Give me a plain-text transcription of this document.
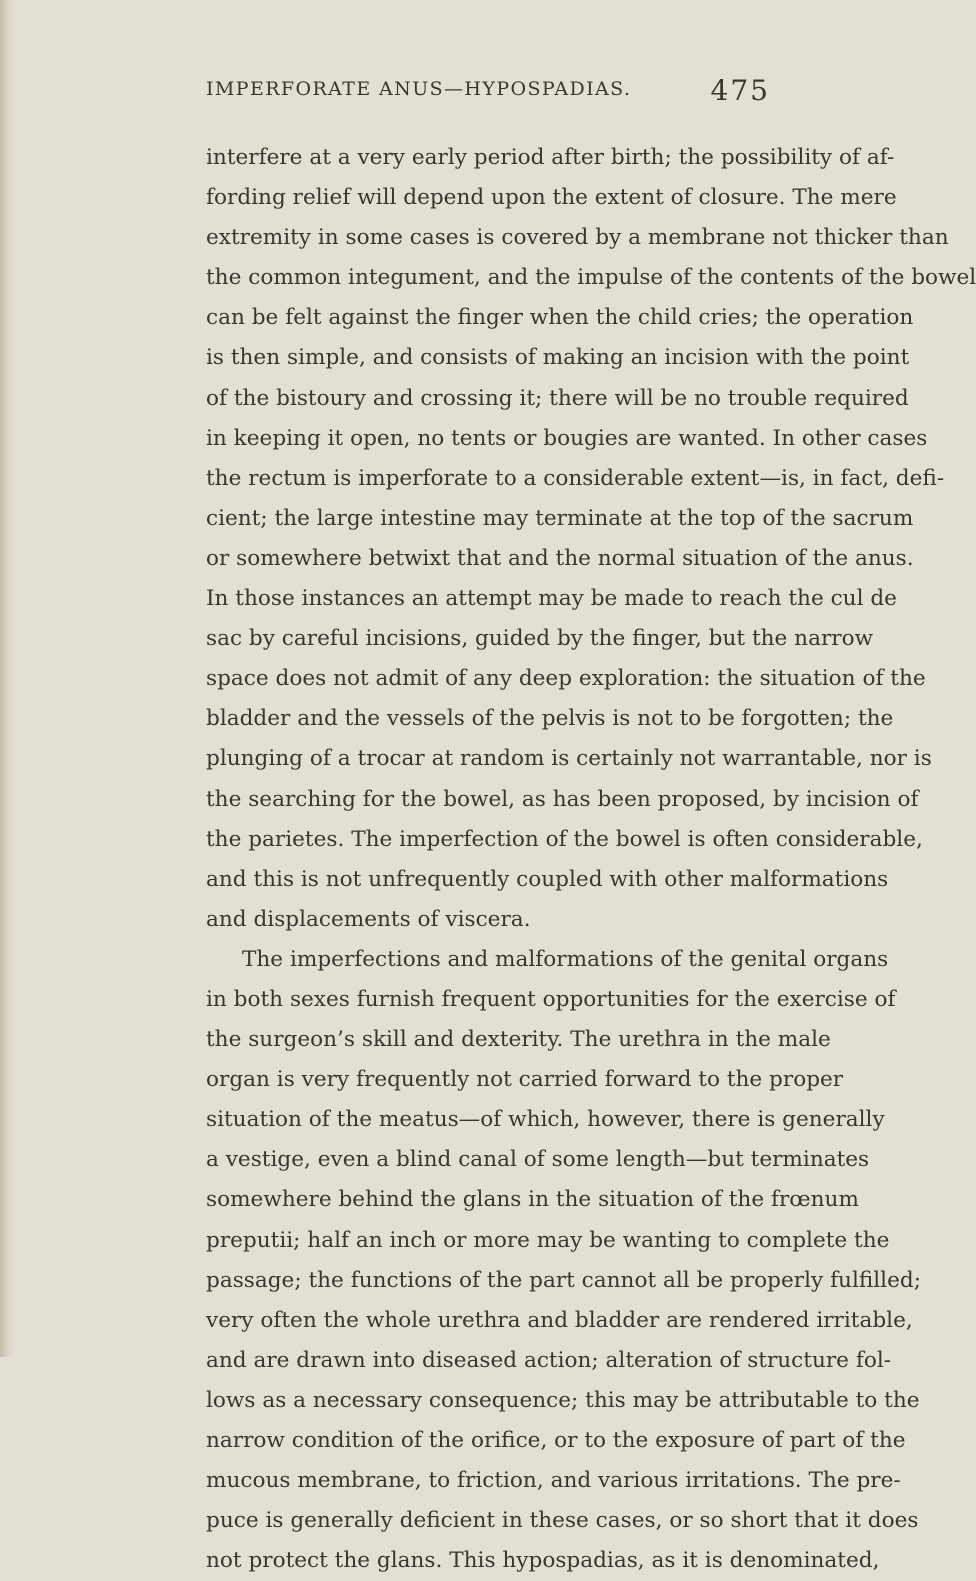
IMPERFORATE ANUS—HYPOSPADIAS.	475
interfere at a very early period after birth; the possibility of af-
fording relief will depend upon the extent of closure. The mere
extremity in some cases is covered by a membrane not thicker than
the common integument, and the impulse of the contents of the bowel
can be felt against the finger when the child cries; the operation
is then simple, and consists of making an incision with the point
of the bistoury and crossing it; there will be no trouble required
in keeping it open, no tents or bougies are wanted. In other cases
the rectum is imperforate to a considerable extent—is, in fact, defi-
cient; the large intestine may terminate at the top of the sacrum
or somewhere betwixt that and the normal situation of the anus.
In those instances an attempt may be made to reach the cul de
sac by careful incisions, guided by the finger, but the narrow
space does not admit of any deep exploration: the situation of the
bladder and the vessels of the pelvis is not to be forgotten; the
plunging of a trocar at random is certainly not warrantable, nor is
the searching for the bowel, as has been proposed, by incision of
the parietes. The imperfection of the bowel is often considerable,
and this is not unfrequently coupled with other malformations
and displacements of viscera.
The imperfections and malformations of the genital organs
in both sexes furnish frequent opportunities for the exercise of
the surgeon’s skill and dexterity. The urethra in the male
organ is very frequently not carried forward to the proper
situation of the meatus—of which, however, there is generally
a vestige, even a blind canal of some length—but terminates
somewhere behind the glans in the situation of the frœnum
preputii; half an inch or more may be wanting to complete the
passage; the functions of the part cannot all be properly fulfilled;
very often the whole urethra and bladder are rendered irritable,
and are drawn into diseased action; alteration of structure fol-
lows as a necessary consequence; this may be attributable to the
narrow condition of the orifice, or to the exposure of part of the
mucous membrane, to friction, and various irritations. The pre-
puce is generally deficient in these cases, or so short that it does
not protect the glans. This hypospadias, as it is denominated,
